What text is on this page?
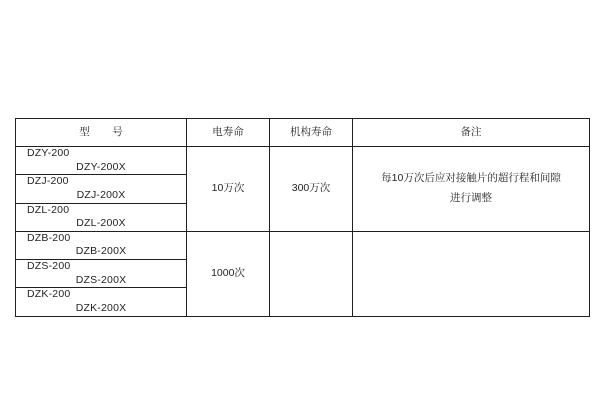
型　号	电寿命	机构寿命	备注
DZY-200DZY-200X	10万次	300万次	每10万次后应对接触片的超行程和间隙
进行调整

DZJ-200DZJ-200X			
DZL-200DZL-200X			
DZB-200DZB-200X	1000次		
DZS-200DZS-200X			
DZK-200DZK-200X			
